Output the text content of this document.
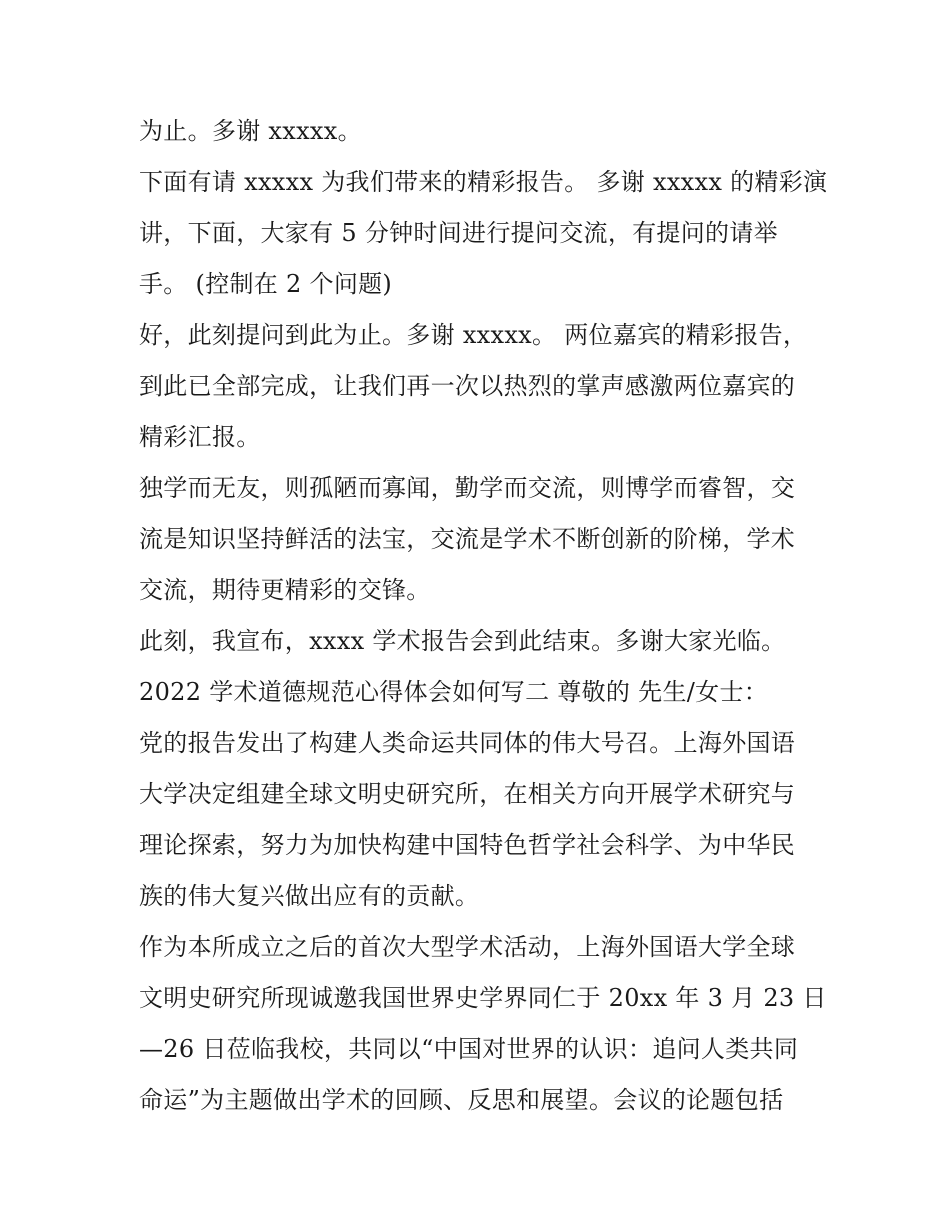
为止。多谢 xxxxx。
下面有请 xxxxx 为我们带来的精彩报告。 多谢 xxxxx 的精彩演
讲，下面，大家有 5 分钟时间进行提问交流，有提问的请举
手。 (控制在 2 个问题)
好，此刻提问到此为止。多谢 xxxxx。 两位嘉宾的精彩报告，
到此已全部完成，让我们再一次以热烈的掌声感激两位嘉宾的
精彩汇报。
独学而无友，则孤陋而寡闻，勤学而交流，则博学而睿智，交
流是知识坚持鲜活的法宝，交流是学术不断创新的阶梯，学术
交流，期待更精彩的交锋。
此刻，我宣布，xxxx 学术报告会到此结束。多谢大家光临。
2022 学术道德规范心得体会如何写二 尊敬的 先生/女士：
党的报告发出了构建人类命运共同体的伟大号召。上海外国语
大学决定组建全球文明史研究所，在相关方向开展学术研究与
理论探索，努力为加快构建中国特色哲学社会科学、为中华民
族的伟大复兴做出应有的贡献。
作为本所成立之后的首次大型学术活动，上海外国语大学全球
文明史研究所现诚邀我国世界史学界同仁于 20xx 年 3 月 23 日
—26 日莅临我校，共同以“中国对世界的认识：追问人类共同
命运”为主题做出学术的回顾、反思和展望。会议的论题包括
